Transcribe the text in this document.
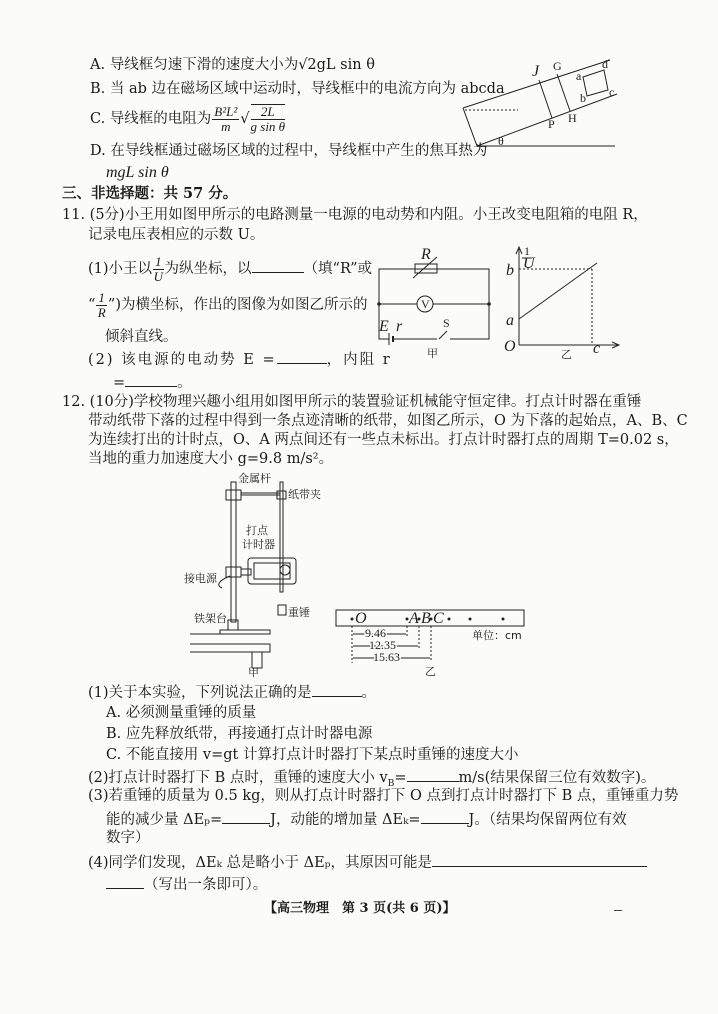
A. 导线框匀速下滑的速度大小为√2gL sin θ
B. 当 ab 边在磁场区域中运动时，导线框中的电流方向为 abcda
C. 导线框的电阻为 $\frac{\text{B²L²}}{m}$ √ $\frac{2L}{\text{g sin θ}}$
D. 在导线框通过磁场区域的过程中，导线框中产生的焦耳热为
mgL sin θ
J G
P H
a
b c
d
θ
三、非选择题：共 57 分。
11. (5分)小王用如图甲所示的电路测量一电源的电动势和内阻。小王改变电阻箱的电阻 R，
记录电压表相应的示数 U。
(1)小王以 $\frac{1}{U}$ 为纵坐标，以	（填“R”或
“ $\frac{1}{R}$ ”)为横坐标，作出的图像为如图乙所示的
倾斜直线。
(2) 该电源的电动势 E =	，内阻 r
=	。
R
V
E r	S
甲
1
U
b
a
O	c
乙
12. (10分)学校物理兴趣小组用如图甲所示的装置验证机械能守恒定律。打点计时器在重锤
带动纸带下落的过程中得到一条点迹清晰的纸带，如图乙所示，O 为下落的起始点，A、B、C
为连续打出的计时点，O、A 两点间还有一些点未标出。打点计时器打点的周期 T=0.02 s，
当地的重力加速度大小 g=9.8 m/s²。
金属杆
纸带夹
打点
计时器
接电源
重锤
铁架台
甲
O	A B C
9.46
12.35
15.63
单位：cm
乙
(1)关于本实验，下列说法正确的是	。
A. 必须测量重锤的质量
B. 应先释放纸带，再接通打点计时器电源
C. 不能直接用 v=gt 计算打点计时器打下某点时重锤的速度大小
(2)打点计时器打下 B 点时，重锤的速度大小 $v_B=$	m/s(结果保留三位有效数字)。
(3)若重锤的质量为 0.5 kg，则从打点计时器打下 O 点到打点计时器打下 B 点，重锤重力势
能的减少量 ΔEₚ=	J，动能的增加量 ΔEₖ=	J。（结果均保留两位有效
数字）
(4)同学们发现，ΔEₖ 总是略小于 ΔEₚ，其原因可能是
（写出一条即可）。
【高三物理　第 3 页(共 6 页)】
